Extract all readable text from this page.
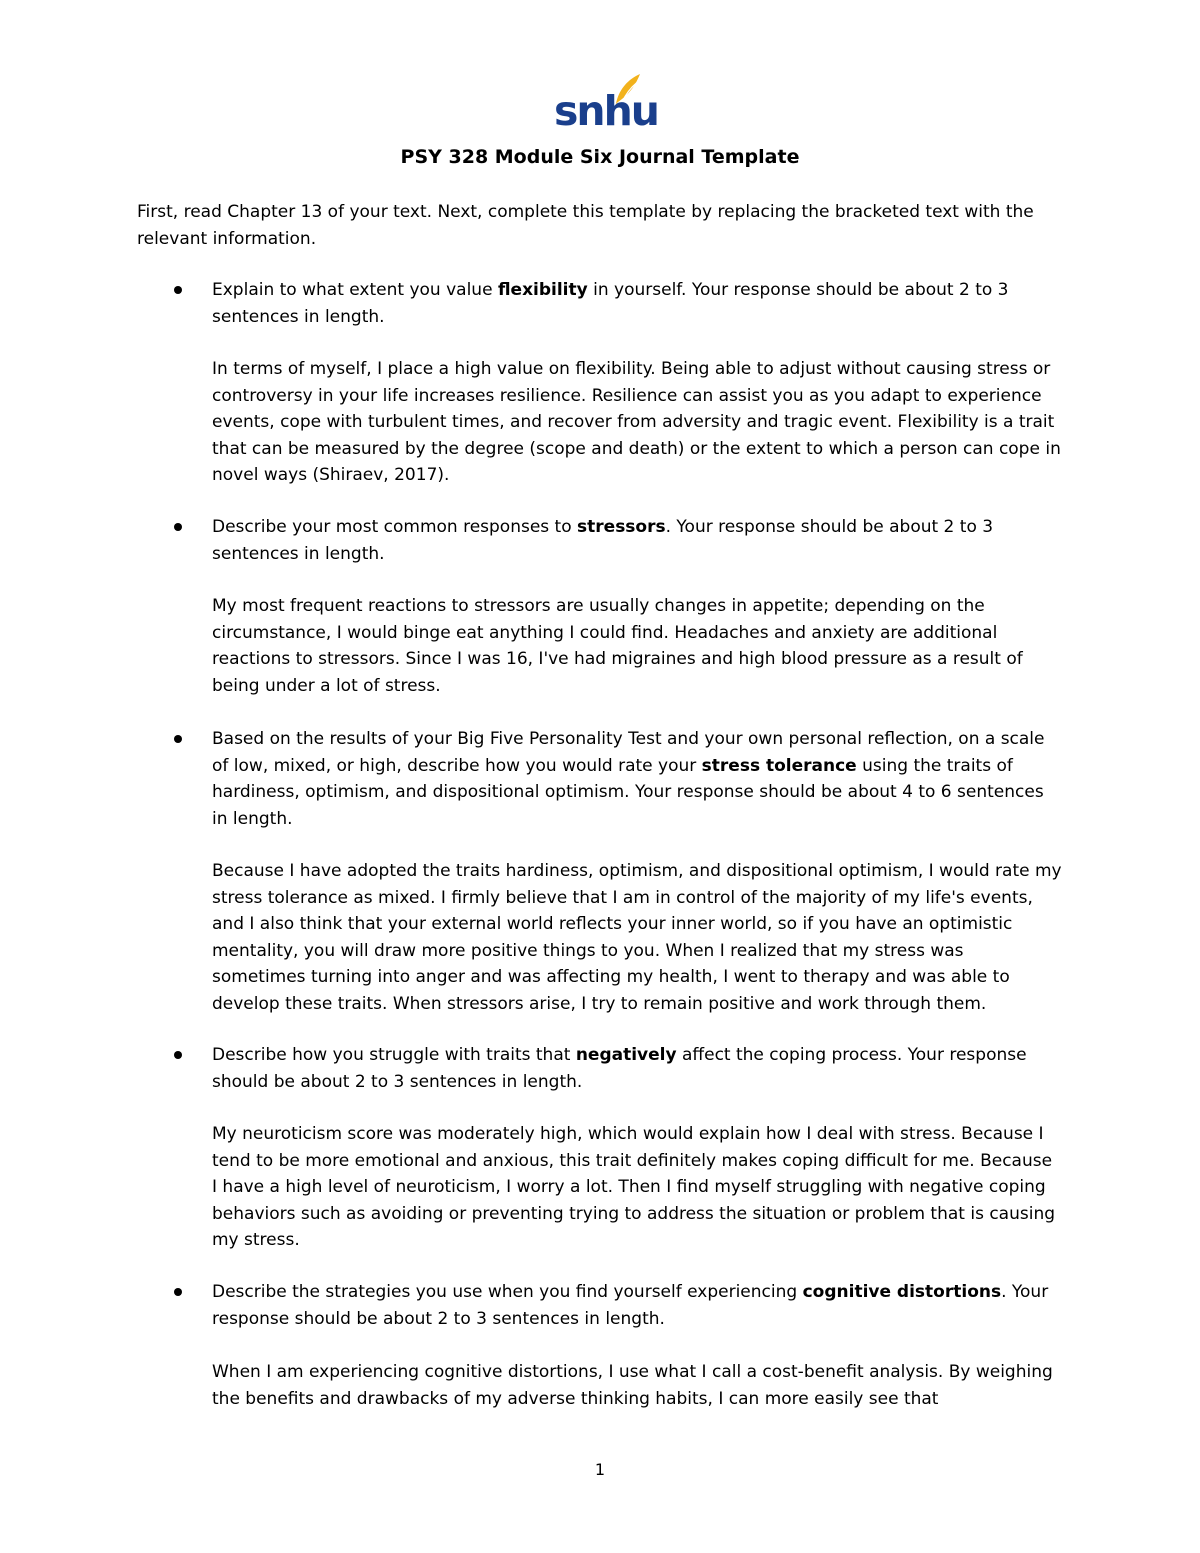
snhu
PSY 328 Module Six Journal Template

First, read Chapter 13 of your text. Next, complete this template by replacing the bracketed text with the relevant information.

Explain to what extent you value flexibility in yourself. Your response should be about 2 to 3 sentences in length.

In terms of myself, I place a high value on flexibility. Being able to adjust without causing stress or controversy in your life increases resilience. Resilience can assist you as you adapt to experience events, cope with turbulent times, and recover from adversity and tragic event. Flexibility is a trait that can be measured by the degree (scope and death) or the extent to which a person can cope in novel ways (Shiraev, 2017).

Describe your most common responses to stressors. Your response should be about 2 to 3 sentences in length.

My most frequent reactions to stressors are usually changes in appetite; depending on the circumstance, I would binge eat anything I could find. Headaches and anxiety are additional reactions to stressors. Since I was 16, I've had migraines and high blood pressure as a result of being under a lot of stress.

Based on the results of your Big Five Personality Test and your own personal reflection, on a scale of low, mixed, or high, describe how you would rate your stress tolerance using the traits of hardiness, optimism, and dispositional optimism. Your response should be about 4 to 6 sentences in length.

Because I have adopted the traits hardiness, optimism, and dispositional optimism, I would rate my stress tolerance as mixed. I firmly believe that I am in control of the majority of my life's events, and I also think that your external world reflects your inner world, so if you have an optimistic mentality, you will draw more positive things to you. When I realized that my stress was sometimes turning into anger and was affecting my health, I went to therapy and was able to develop these traits. When stressors arise, I try to remain positive and work through them.

Describe how you struggle with traits that negatively affect the coping process. Your response should be about 2 to 3 sentences in length.

My neuroticism score was moderately high, which would explain how I deal with stress. Because I tend to be more emotional and anxious, this trait definitely makes coping difficult for me. Because I have a high level of neuroticism, I worry a lot. Then I find myself struggling with negative coping behaviors such as avoiding or preventing trying to address the situation or problem that is causing my stress.

Describe the strategies you use when you find yourself experiencing cognitive distortions. Your response should be about 2 to 3 sentences in length.

When I am experiencing cognitive distortions, I use what I call a cost-benefit analysis. By weighing the benefits and drawbacks of my adverse thinking habits, I can more easily see that

1
